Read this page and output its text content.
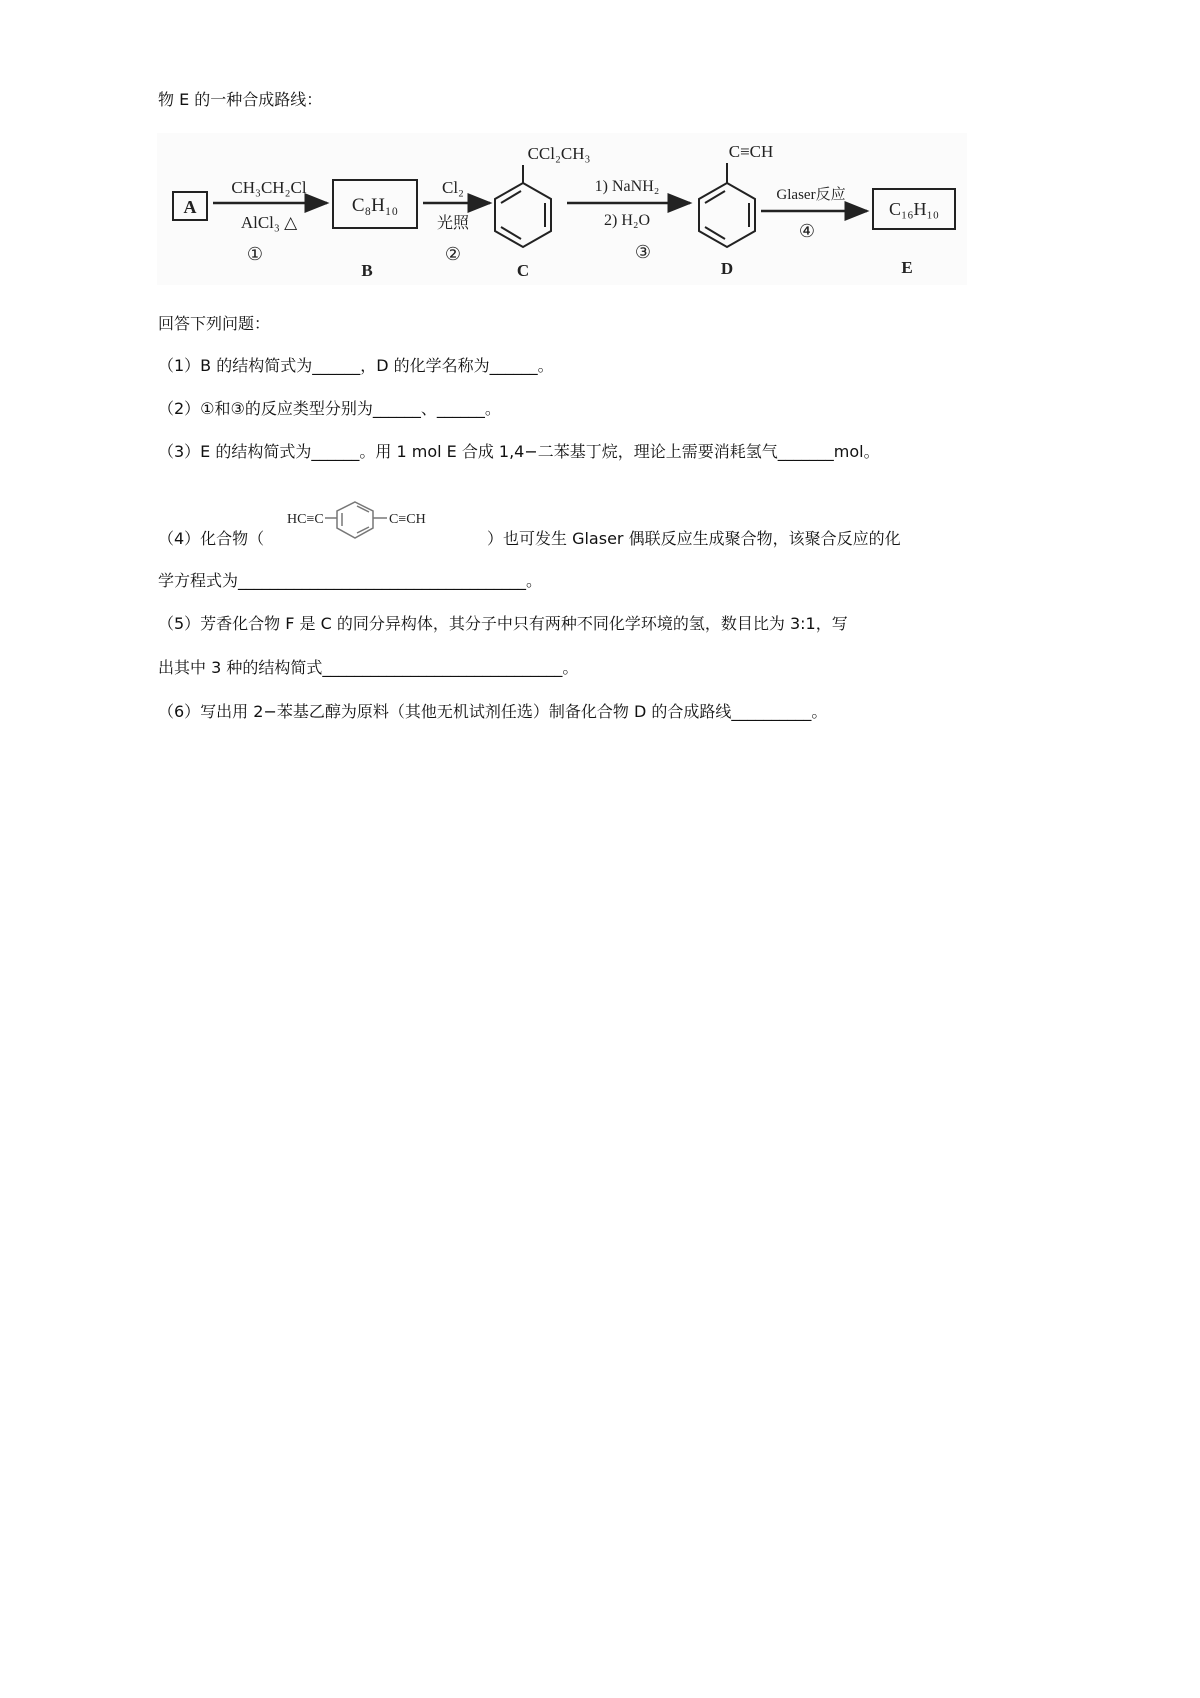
物 E 的一种合成路线：
A
CH₃CH₂Cl
AlCl₃ △
①
C₈H₁₀
B
Cl₂
光照
②
CCl₂CH₃
C
1) NaNH₂
2) H₂O
③
C≡CH
D
Glaser反应
④
C₁₆H₁₀
E
回答下列问题：
（1）B 的结构简式为______，D 的化学名称为______。
（2）①和③的反应类型分别为______、______。
（3）E 的结构简式为______。用 1 mol E 合成 1,4−二苯基丁烷，理论上需要消耗氢气_______mol。
（4）化合物（
HC≡C	C≡CH
）也可发生 Glaser 偶联反应生成聚合物，该聚合反应的化
学方程式为____________________________________。
（5）芳香化合物 F 是 C 的同分异构体，其分子中只有两种不同化学环境的氢，数目比为 3:1，写
出其中 3 种的结构简式______________________________。
（6）写出用 2−苯基乙醇为原料（其他无机试剂任选）制备化合物 D 的合成路线__________。
